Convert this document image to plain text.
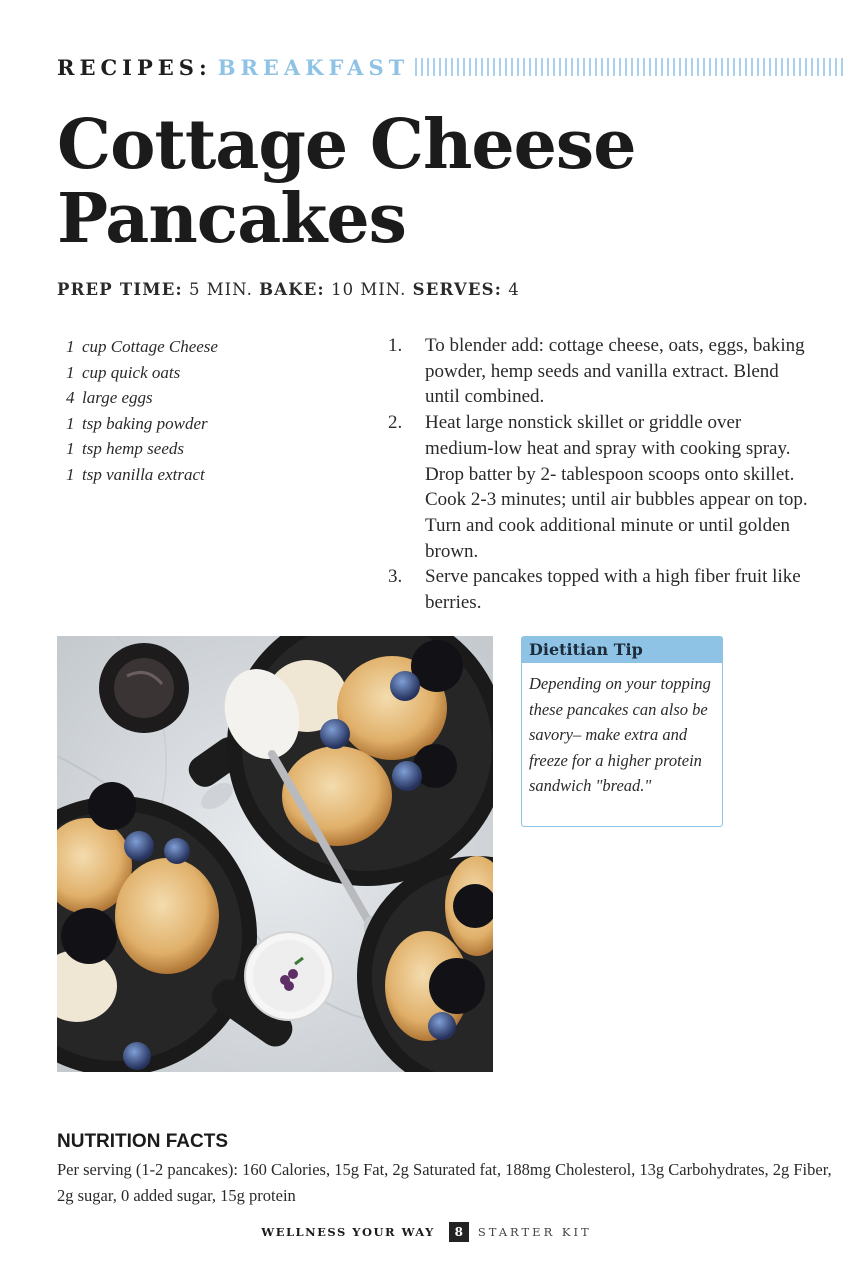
RECIPES: BREAKFAST
Cottage Cheese
Pancakes
PREP TIME: 5 MIN. BAKE: 10 MIN. SERVES: 4
1 cup Cottage Cheese
1 cup quick oats
4 large eggs
1 tsp baking powder
1 tsp hemp seeds
1 tsp vanilla extract
1.	To blender add: cottage cheese, oats, eggs, baking powder, hemp seeds and vanilla extract. Blend until combined.
2.	Heat large nonstick skillet or griddle over medium-low heat and spray with cooking spray. Drop batter by 2- tablespoon scoops onto skillet. Cook 2-3 minutes; until air bubbles appear on top. Turn and cook additional minute or until golden brown.
3.	Serve pancakes topped with a high fiber fruit like berries.
Dietitian Tip
Depending on your topping these pancakes can also be savory– make extra and freeze for a higher protein sandwich "bread."
NUTRITION FACTS
Per serving (1-2 pancakes): 160 Calories, 15g Fat, 2g Saturated fat, 188mg Cholesterol, 13g Carbohydrates, 2g Fiber, 2g sugar, 0 added sugar, 15g protein
WELLNESS YOUR WAY	8	STARTER KIT
